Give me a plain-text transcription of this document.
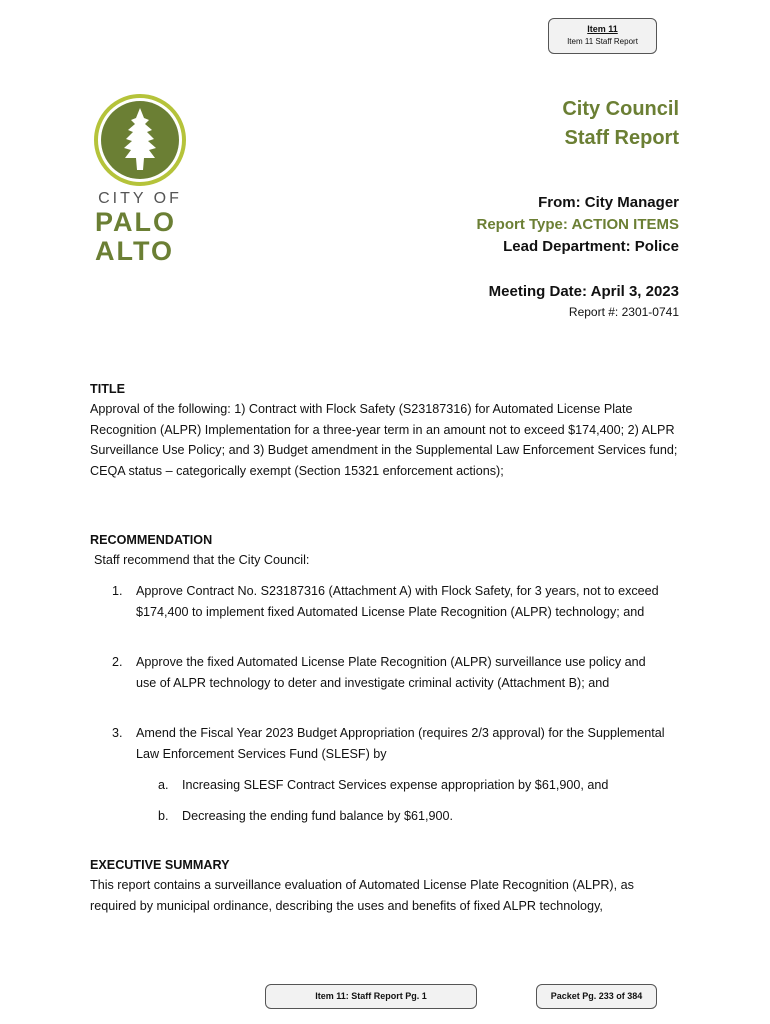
Item 11
Item 11 Staff Report
CITY OF
PALO
ALTO
City Council
Staff Report
From: City Manager
Report Type: ACTION ITEMS
Lead Department: Police
Meeting Date: April 3, 2023
Report #: 2301-0741
TITLE
Approval of the following: 1) Contract with Flock Safety (S23187316) for Automated License Plate Recognition (ALPR) Implementation for a three-year term in an amount not to exceed $174,400; 2) ALPR Surveillance Use Policy; and 3) Budget amendment in the Supplemental Law Enforcement Services fund; CEQA status – categorically exempt (Section 15321 enforcement actions);
RECOMMENDATION
Staff recommend that the City Council:
1. Approve Contract No. S23187316 (Attachment A) with Flock Safety, for 3 years, not to exceed $174,400 to implement fixed Automated License Plate Recognition (ALPR) technology; and
2. Approve the fixed Automated License Plate Recognition (ALPR) surveillance use policy and use of ALPR technology to deter and investigate criminal activity (Attachment B); and
3. Amend the Fiscal Year 2023 Budget Appropriation (requires 2/3 approval) for the Supplemental Law Enforcement Services Fund (SLESF) by
a. Increasing SLESF Contract Services expense appropriation by $61,900, and
b. Decreasing the ending fund balance by $61,900.
EXECUTIVE SUMMARY
This report contains a surveillance evaluation of Automated License Plate Recognition (ALPR), as required by municipal ordinance, describing the uses and benefits of fixed ALPR technology,
Item 11: Staff Report Pg. 1	Packet Pg. 233 of 384
